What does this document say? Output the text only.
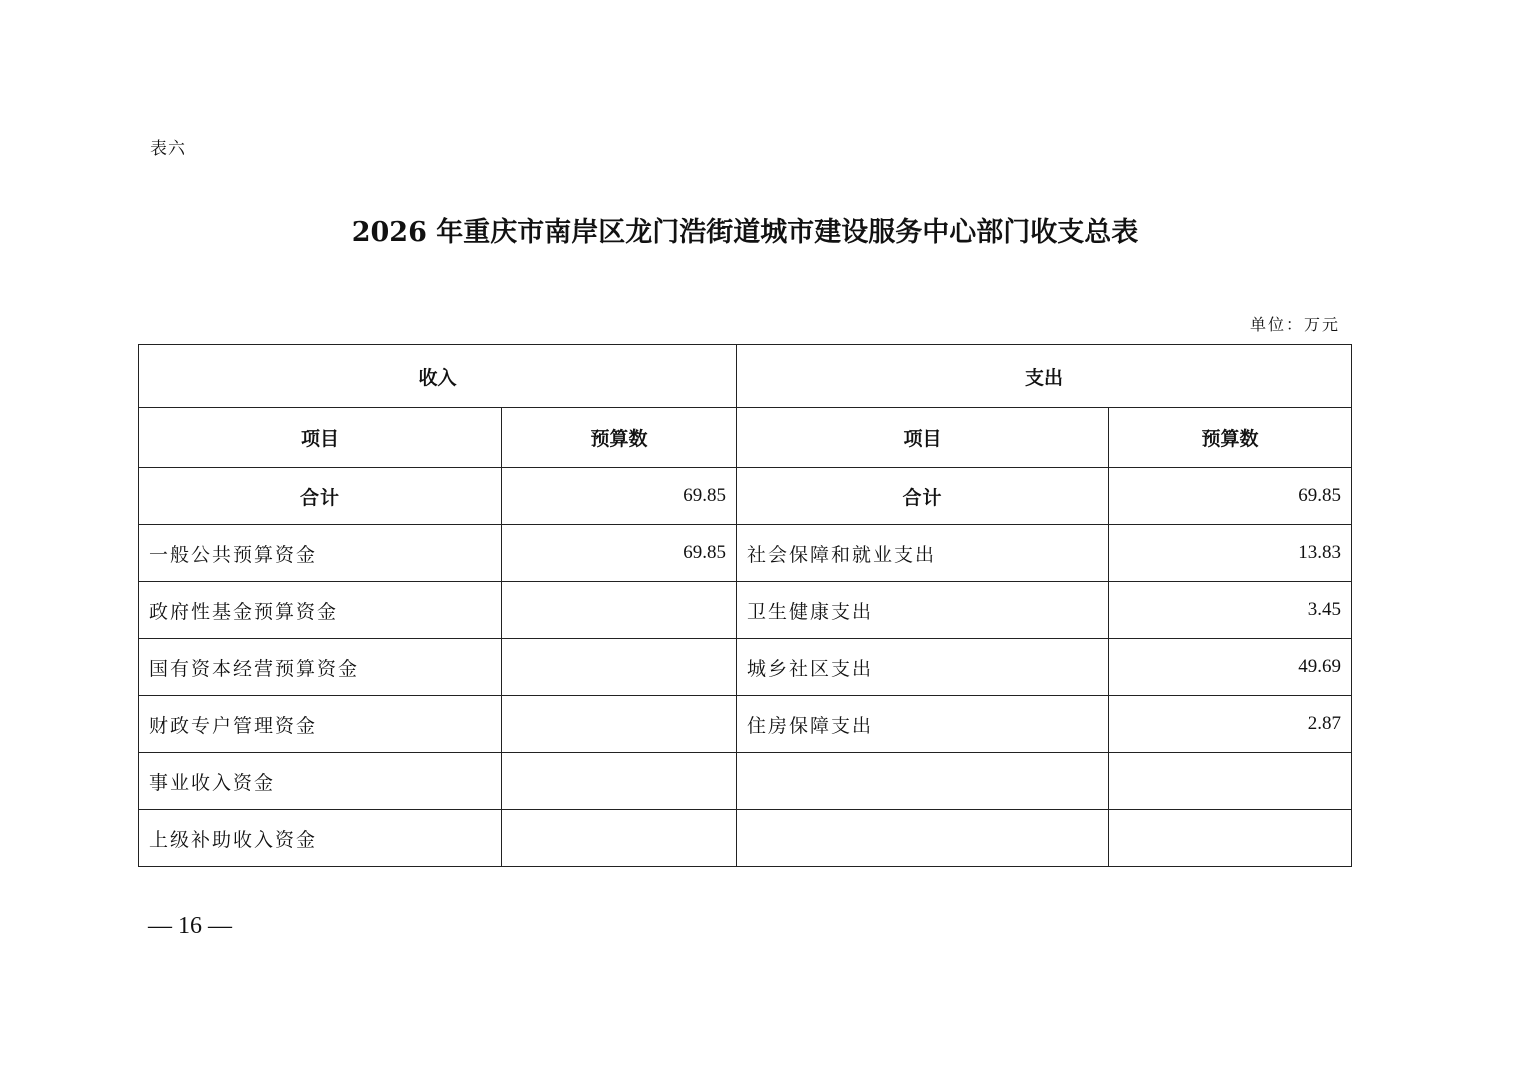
表六
2026 年重庆市南岸区龙门浩街道城市建设服务中心部门收支总表
单位：万元
收入		支出	
项目	预算数	项目	预算数
合计	69.85	合计	69.85
一般公共预算资金	69.85	社会保障和就业支出	13.83
政府性基金预算资金		卫生健康支出	3.45
国有资本经营预算资金		城乡社区支出	49.69
财政专户管理资金		住房保障支出	2.87
事业收入资金			
上级补助收入资金			
— 16 —
